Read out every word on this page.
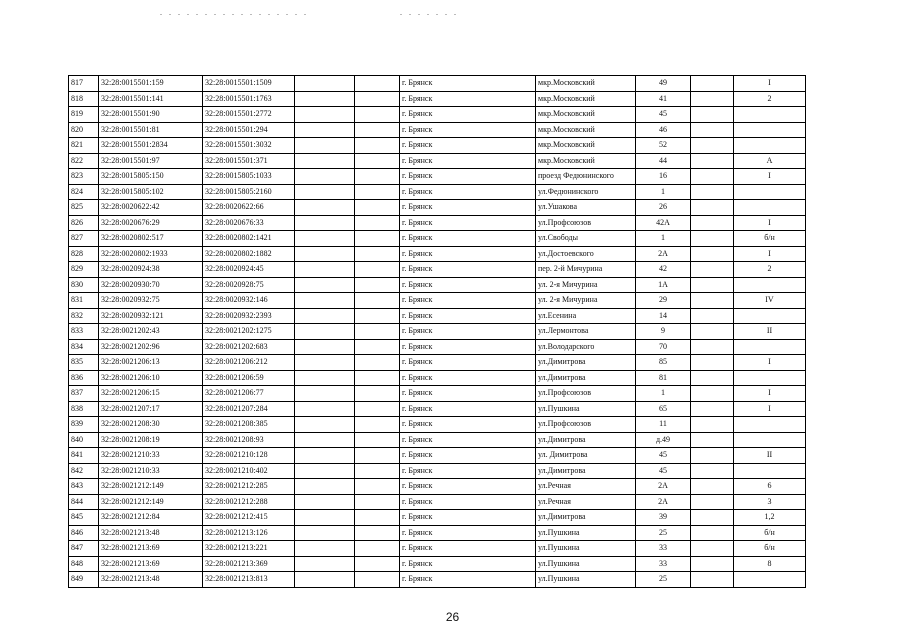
817	32:28:0015501:159	32:28:0015501:1509			г. Брянск	мкр.Московский	49		I
818	32:28:0015501:141	32:28:0015501:1763			г. Брянск	мкр.Московский	41		2
819	32:28:0015501:90	32:28:0015501:2772			г. Брянск	мкр.Московский	45		
820	32:28:0015501:81	32:28:0015501:294			г. Брянск	мкр.Московский	46		
821	32:28:0015501:2834	32:28:0015501:3032			г. Брянск	мкр.Московский	52		
822	32:28:0015501:97	32:28:0015501:371			г. Брянск	мкр.Московский	44		А
823	32:28:0015805:150	32:28:0015805:1033			г. Брянск	проезд Федюнинского	16		I
824	32:28:0015805:102	32:28:0015805:2160			г. Брянск	ул.Федюнинского	1		
825	32:28:0020622:42	32:28:0020622:66			г. Брянск	ул.Ушакова	26		
826	32:28:0020676:29	32:28:0020676:33			г. Брянск	ул.Профсоюзов	42А		I
827	32:28:0020802:517	32:28:0020802:1421			г. Брянск	ул.Свободы	1		б/н
828	32:28:0020802:1933	32:28:0020802:1882			г. Брянск	ул.Достоевского	2А		I
829	32:28:0020924:38	32:28:0020924:45			г. Брянск	пер. 2-й Мичурина	42		2
830	32:28:0020930:70	32:28:0020928:75			г. Брянск	ул. 2-я Мичурина	1А		
831	32:28:0020932:75	32:28:0020932:146			г. Брянск	ул. 2-я Мичурина	29		IV
832	32:28:0020932:121	32:28:0020932:2393			г. Брянск	ул.Есенина	14		
833	32:28:0021202:43	32:28:0021202:1275			г. Брянск	ул.Лермонтова	9		II
834	32:28:0021202:96	32:28:0021202:683			г. Брянск	ул.Володарского	70		
835	32:28:0021206:13	32:28:0021206:212			г. Брянск	ул.Димитрова	85		I
836	32:28:0021206:10	32:28:0021206:59			г. Брянск	ул.Димитрова	81		
837	32:28:0021206:15	32:28:0021206:77			г. Брянск	ул.Профсоюзов	1		I
838	32:28:0021207:17	32:28:0021207:284			г. Брянск	ул.Пушкина	65		I
839	32:28:0021208:30	32:28:0021208:385			г. Брянск	ул.Профсоюзов	11		
840	32:28:0021208:19	32:28:0021208:93			г. Брянск	ул.Димитрова	д.49		
841	32:28:0021210:33	32:28:0021210:128			г. Брянск	ул. Димитрова	45		II
842	32:28:0021210:33	32:28:0021210:402			г. Брянск	ул.Димитрова	45		
843	32:28:0021212:149	32:28:0021212:285			г. Брянск	ул.Речная	2А		6
844	32:28:0021212:149	32:28:0021212:288			г. Брянск	ул.Речная	2А		3
845	32:28:0021212:84	32:28:0021212:415			г. Брянск	ул.Димитрова	39		1,2
846	32:28:0021213:48	32:28:0021213:126			г. Брянск	ул.Пушкина	25		б/н
847	32:28:0021213:69	32:28:0021213:221			г. Брянск	ул.Пушкина	33		б/н
848	32:28:0021213:69	32:28:0021213:369			г. Брянск	ул.Пушкина	33		8
849	32:28:0021213:48	32:28:0021213:813			г. Брянск	ул.Пушкина	25		
26
